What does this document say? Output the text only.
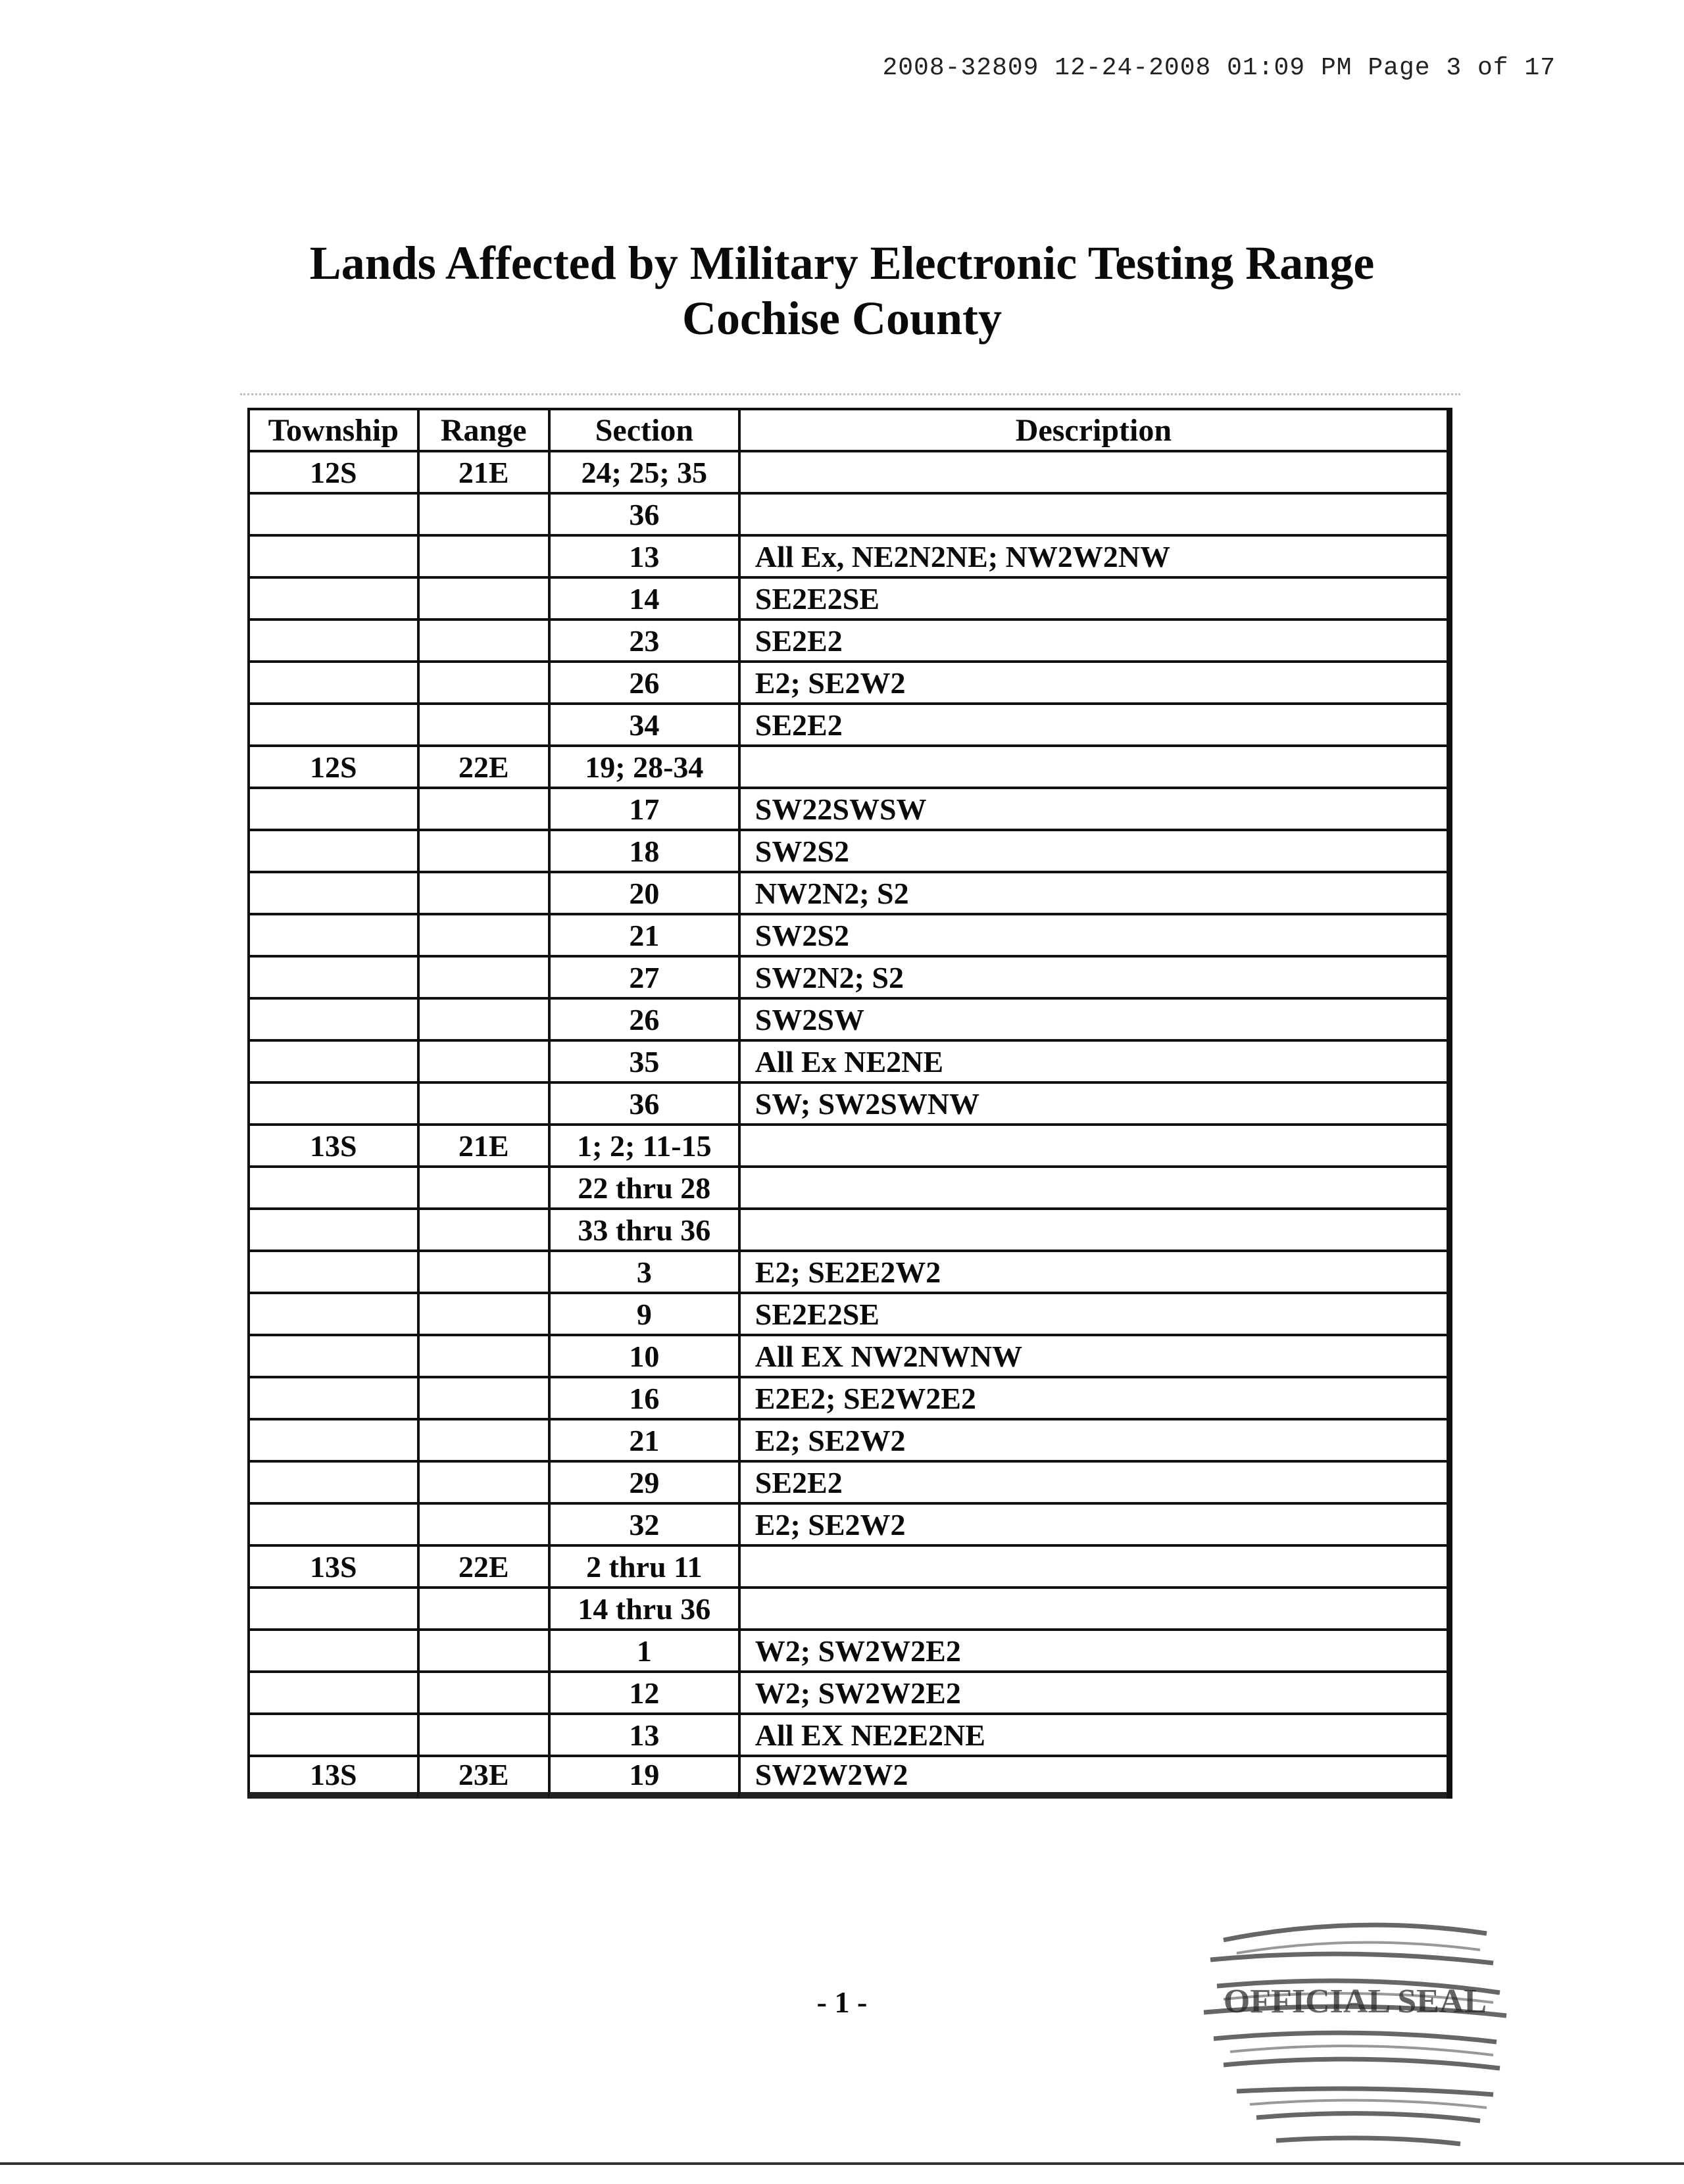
2008-32809 12-24-2008 01:09 PM Page 3 of 17
Lands Affected by Military Electronic Testing Range
Cochise County
Township	Range	Section	Description
12S	21E	24; 25; 35	
		36	
		13	All Ex, NE2N2NE; NW2W2NW
		14	SE2E2SE
		23	SE2E2
		26	E2; SE2W2
		34	SE2E2
12S	22E	19; 28-34	
		17	SW22SWSW
		18	SW2S2
		20	NW2N2; S2
		21	SW2S2
		27	SW2N2; S2
		26	SW2SW
		35	All Ex NE2NE
		36	SW; SW2SWNW
13S	21E	1; 2; 11-15	
		22 thru 28	
		33 thru 36	
		3	E2; SE2E2W2
		9	SE2E2SE
		10	All EX NW2NWNW
		16	E2E2; SE2W2E2
		21	E2; SE2W2
		29	SE2E2
		32	E2; SE2W2
13S	22E	2 thru 11	
		14 thru 36	
		1	W2; SW2W2E2
		12	W2; SW2W2E2
		13	All EX NE2E2NE
13S	23E	19	SW2W2W2
- 1 -	OFFICIAL SEAL
